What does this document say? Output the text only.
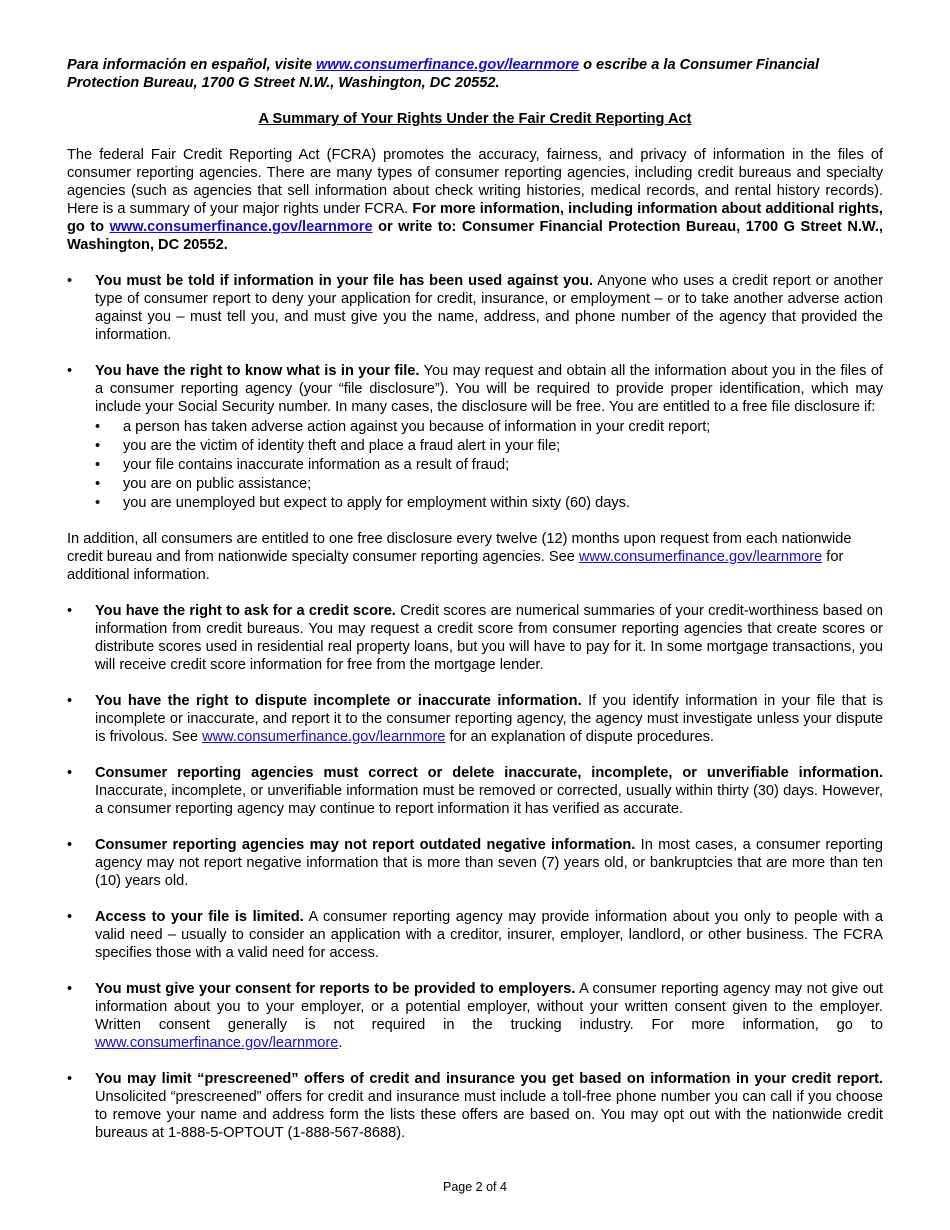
Para información en español, visite www.consumerfinance.gov/learnmore o escribe a la Consumer Financial Protection Bureau, 1700 G Street N.W., Washington, DC 20552.

A Summary of Your Rights Under the Fair Credit Reporting Act

The federal Fair Credit Reporting Act (FCRA) promotes the accuracy, fairness, and privacy of information in the files of consumer reporting agencies. There are many types of consumer reporting agencies, including credit bureaus and specialty agencies (such as agencies that sell information about check writing histories, medical records, and rental history records). Here is a summary of your major rights under FCRA. For more information, including information about additional rights, go to www.consumerfinance.gov/learnmore or write to: Consumer Financial Protection Bureau, 1700 G Street N.W., Washington, DC 20552.

• You must be told if information in your file has been used against you. Anyone who uses a credit report or another type of consumer report to deny your application for credit, insurance, or employment – or to take another adverse action against you – must tell you, and must give you the name, address, and phone number of the agency that provided the information.
• You have the right to know what is in your file. You may request and obtain all the information about you in the files of a consumer reporting agency (your “file disclosure”). You will be required to provide proper identification, which may include your Social Security number. In many cases, the disclosure will be free. You are entitled to a free file disclosure if:
• a person has taken adverse action against you because of information in your credit report;
• you are the victim of identity theft and place a fraud alert in your file;
• your file contains inaccurate information as a result of fraud;
• you are on public assistance;
• you are unemployed but expect to apply for employment within sixty (60) days.

In addition, all consumers are entitled to one free disclosure every twelve (12) months upon request from each nationwide credit bureau and from nationwide specialty consumer reporting agencies. See www.consumerfinance.gov/learnmore for additional information.

• You have the right to ask for a credit score. Credit scores are numerical summaries of your credit-worthiness based on information from credit bureaus. You may request a credit score from consumer reporting agencies that create scores or distribute scores used in residential real property loans, but you will have to pay for it. In some mortgage transactions, you will receive credit score information for free from the mortgage lender.
• You have the right to dispute incomplete or inaccurate information. If you identify information in your file that is incomplete or inaccurate, and report it to the consumer reporting agency, the agency must investigate unless your dispute is frivolous. See www.consumerfinance.gov/learnmore for an explanation of dispute procedures.
• Consumer reporting agencies must correct or delete inaccurate, incomplete, or unverifiable information. Inaccurate, incomplete, or unverifiable information must be removed or corrected, usually within thirty (30) days. However, a consumer reporting agency may continue to report information it has verified as accurate.
• Consumer reporting agencies may not report outdated negative information. In most cases, a consumer reporting agency may not report negative information that is more than seven (7) years old, or bankruptcies that are more than ten (10) years old.
• Access to your file is limited. A consumer reporting agency may provide information about you only to people with a valid need – usually to consider an application with a creditor, insurer, employer, landlord, or other business. The FCRA specifies those with a valid need for access.
• You must give your consent for reports to be provided to employers. A consumer reporting agency may not give out information about you to your employer, or a potential employer, without your written consent given to the employer. Written consent generally is not required in the trucking industry. For more information, go to www.consumerfinance.gov/learnmore.
• You may limit “prescreened” offers of credit and insurance you get based on information in your credit report. Unsolicited “prescreened” offers for credit and insurance must include a toll-free phone number you can call if you choose to remove your name and address form the lists these offers are based on. You may opt out with the nationwide credit bureaus at 1-888-5-OPTOUT (1-888-567-8688).
Page 2 of 4
